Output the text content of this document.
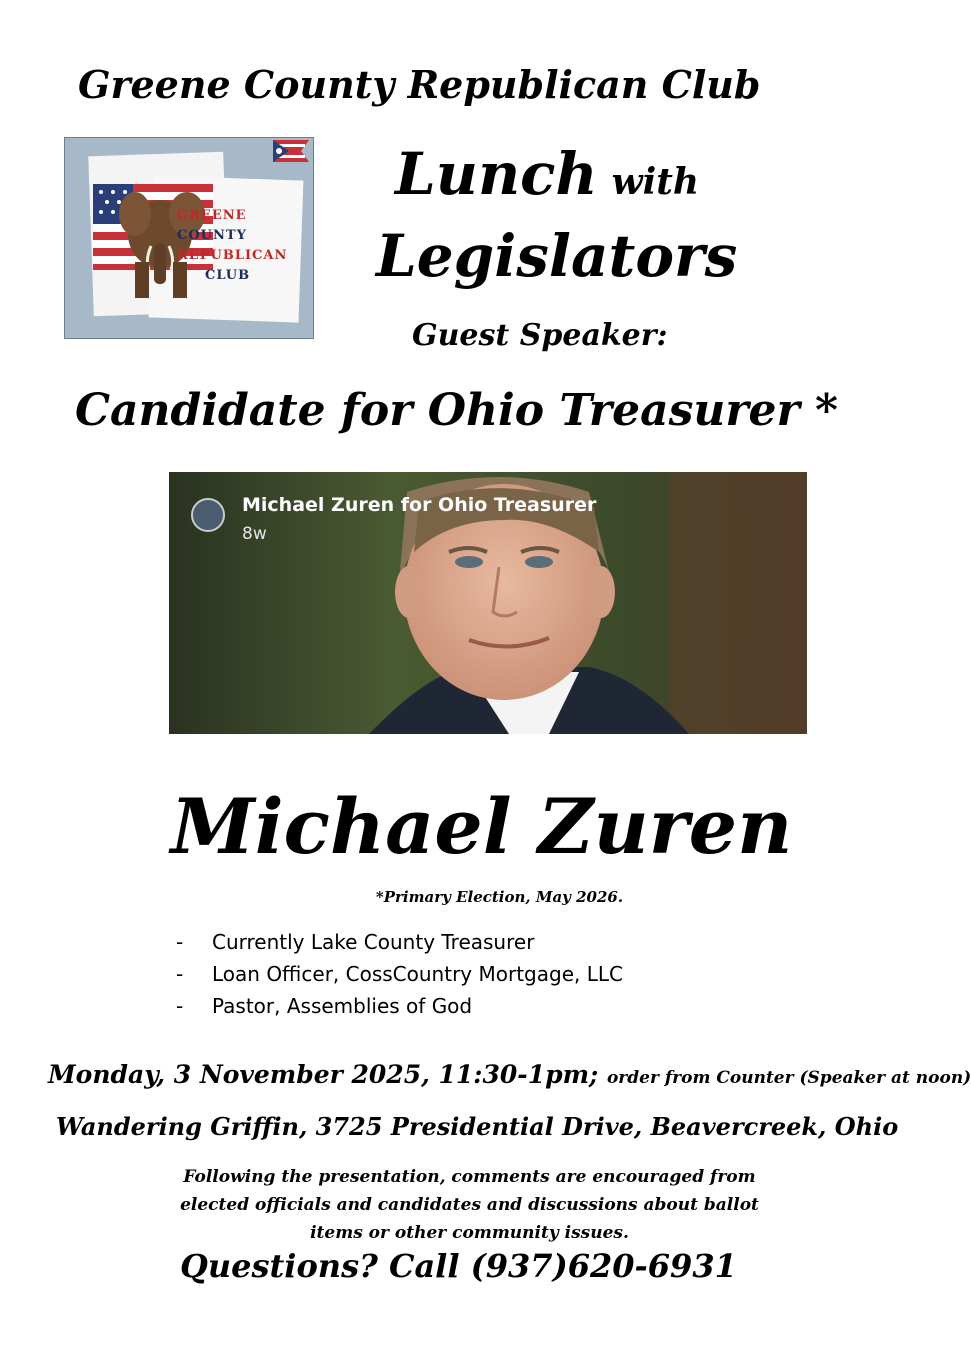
Greene County Republican Club
GREENE
COUNTY
REPUBLICAN
CLUB
Lunch with
Legislators
Guest Speaker:
Candidate for Ohio Treasurer *
Michael Zuren for Ohio Treasurer
8w
Michael Zuren
*Primary Election, May 2026.
- Currently Lake County Treasurer
- Loan Officer, CossCountry Mortgage, LLC
- Pastor, Assemblies of God
Monday, 3 November 2025, 11:30-1pm; order from Counter (Speaker at noon)
Wandering Griffin, 3725 Presidential Drive, Beavercreek, Ohio
Following the presentation, comments are encouraged from
elected officials and candidates and discussions about ballot
items or other community issues.
Questions? Call (937)620-6931
